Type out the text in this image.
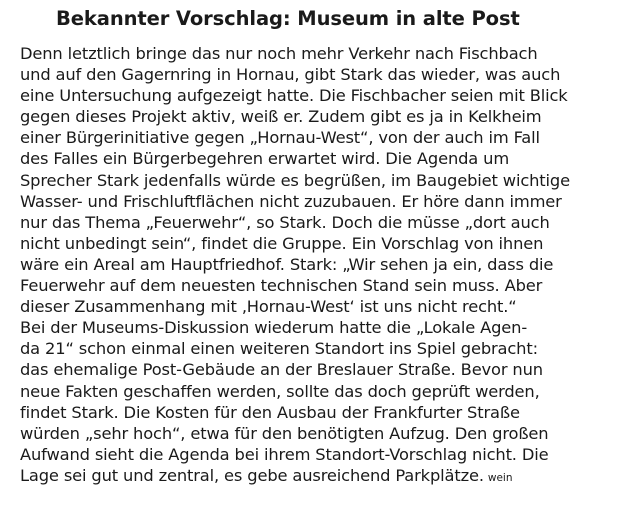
Bekannter Vorschlag: Museum in alte Post
Denn letztlich bringe das nur noch mehr Verkehr nach Fischbach
und auf den Gagernring in Hornau, gibt Stark das wieder, was auch
eine Untersuchung aufgezeigt hatte. Die Fischbacher seien mit Blick
gegen dieses Projekt aktiv, weiß er. Zudem gibt es ja in Kelkheim
einer Bürgerinitiative gegen „Hornau-West“, von der auch im Fall
des Falles ein Bürgerbegehren erwartet wird. Die Agenda um
Sprecher Stark jedenfalls würde es begrüßen, im Baugebiet wichtige
Wasser- und Frischluftflächen nicht zuzubauen. Er höre dann immer
nur das Thema „Feuerwehr“, so Stark. Doch die müsse „dort auch
nicht unbedingt sein“, findet die Gruppe. Ein Vorschlag von ihnen
wäre ein Areal am Hauptfriedhof. Stark: „Wir sehen ja ein, dass die
Feuerwehr auf dem neuesten technischen Stand sein muss. Aber
dieser Zusammenhang mit ‚Hornau-West‘ ist uns nicht recht.“
Bei der Museums-Diskussion wiederum hatte die „Lokale Agen-
da 21“ schon einmal einen weiteren Standort ins Spiel gebracht:
das ehemalige Post-Gebäude an der Breslauer Straße. Bevor nun
neue Fakten geschaffen werden, sollte das doch geprüft werden,
findet Stark. Die Kosten für den Ausbau der Frankfurter Straße
würden „sehr hoch“, etwa für den benötigten Aufzug. Den großen
Aufwand sieht die Agenda bei ihrem Standort-Vorschlag nicht. Die
Lage sei gut und zentral, es gebe ausreichend Parkplätze. wein
